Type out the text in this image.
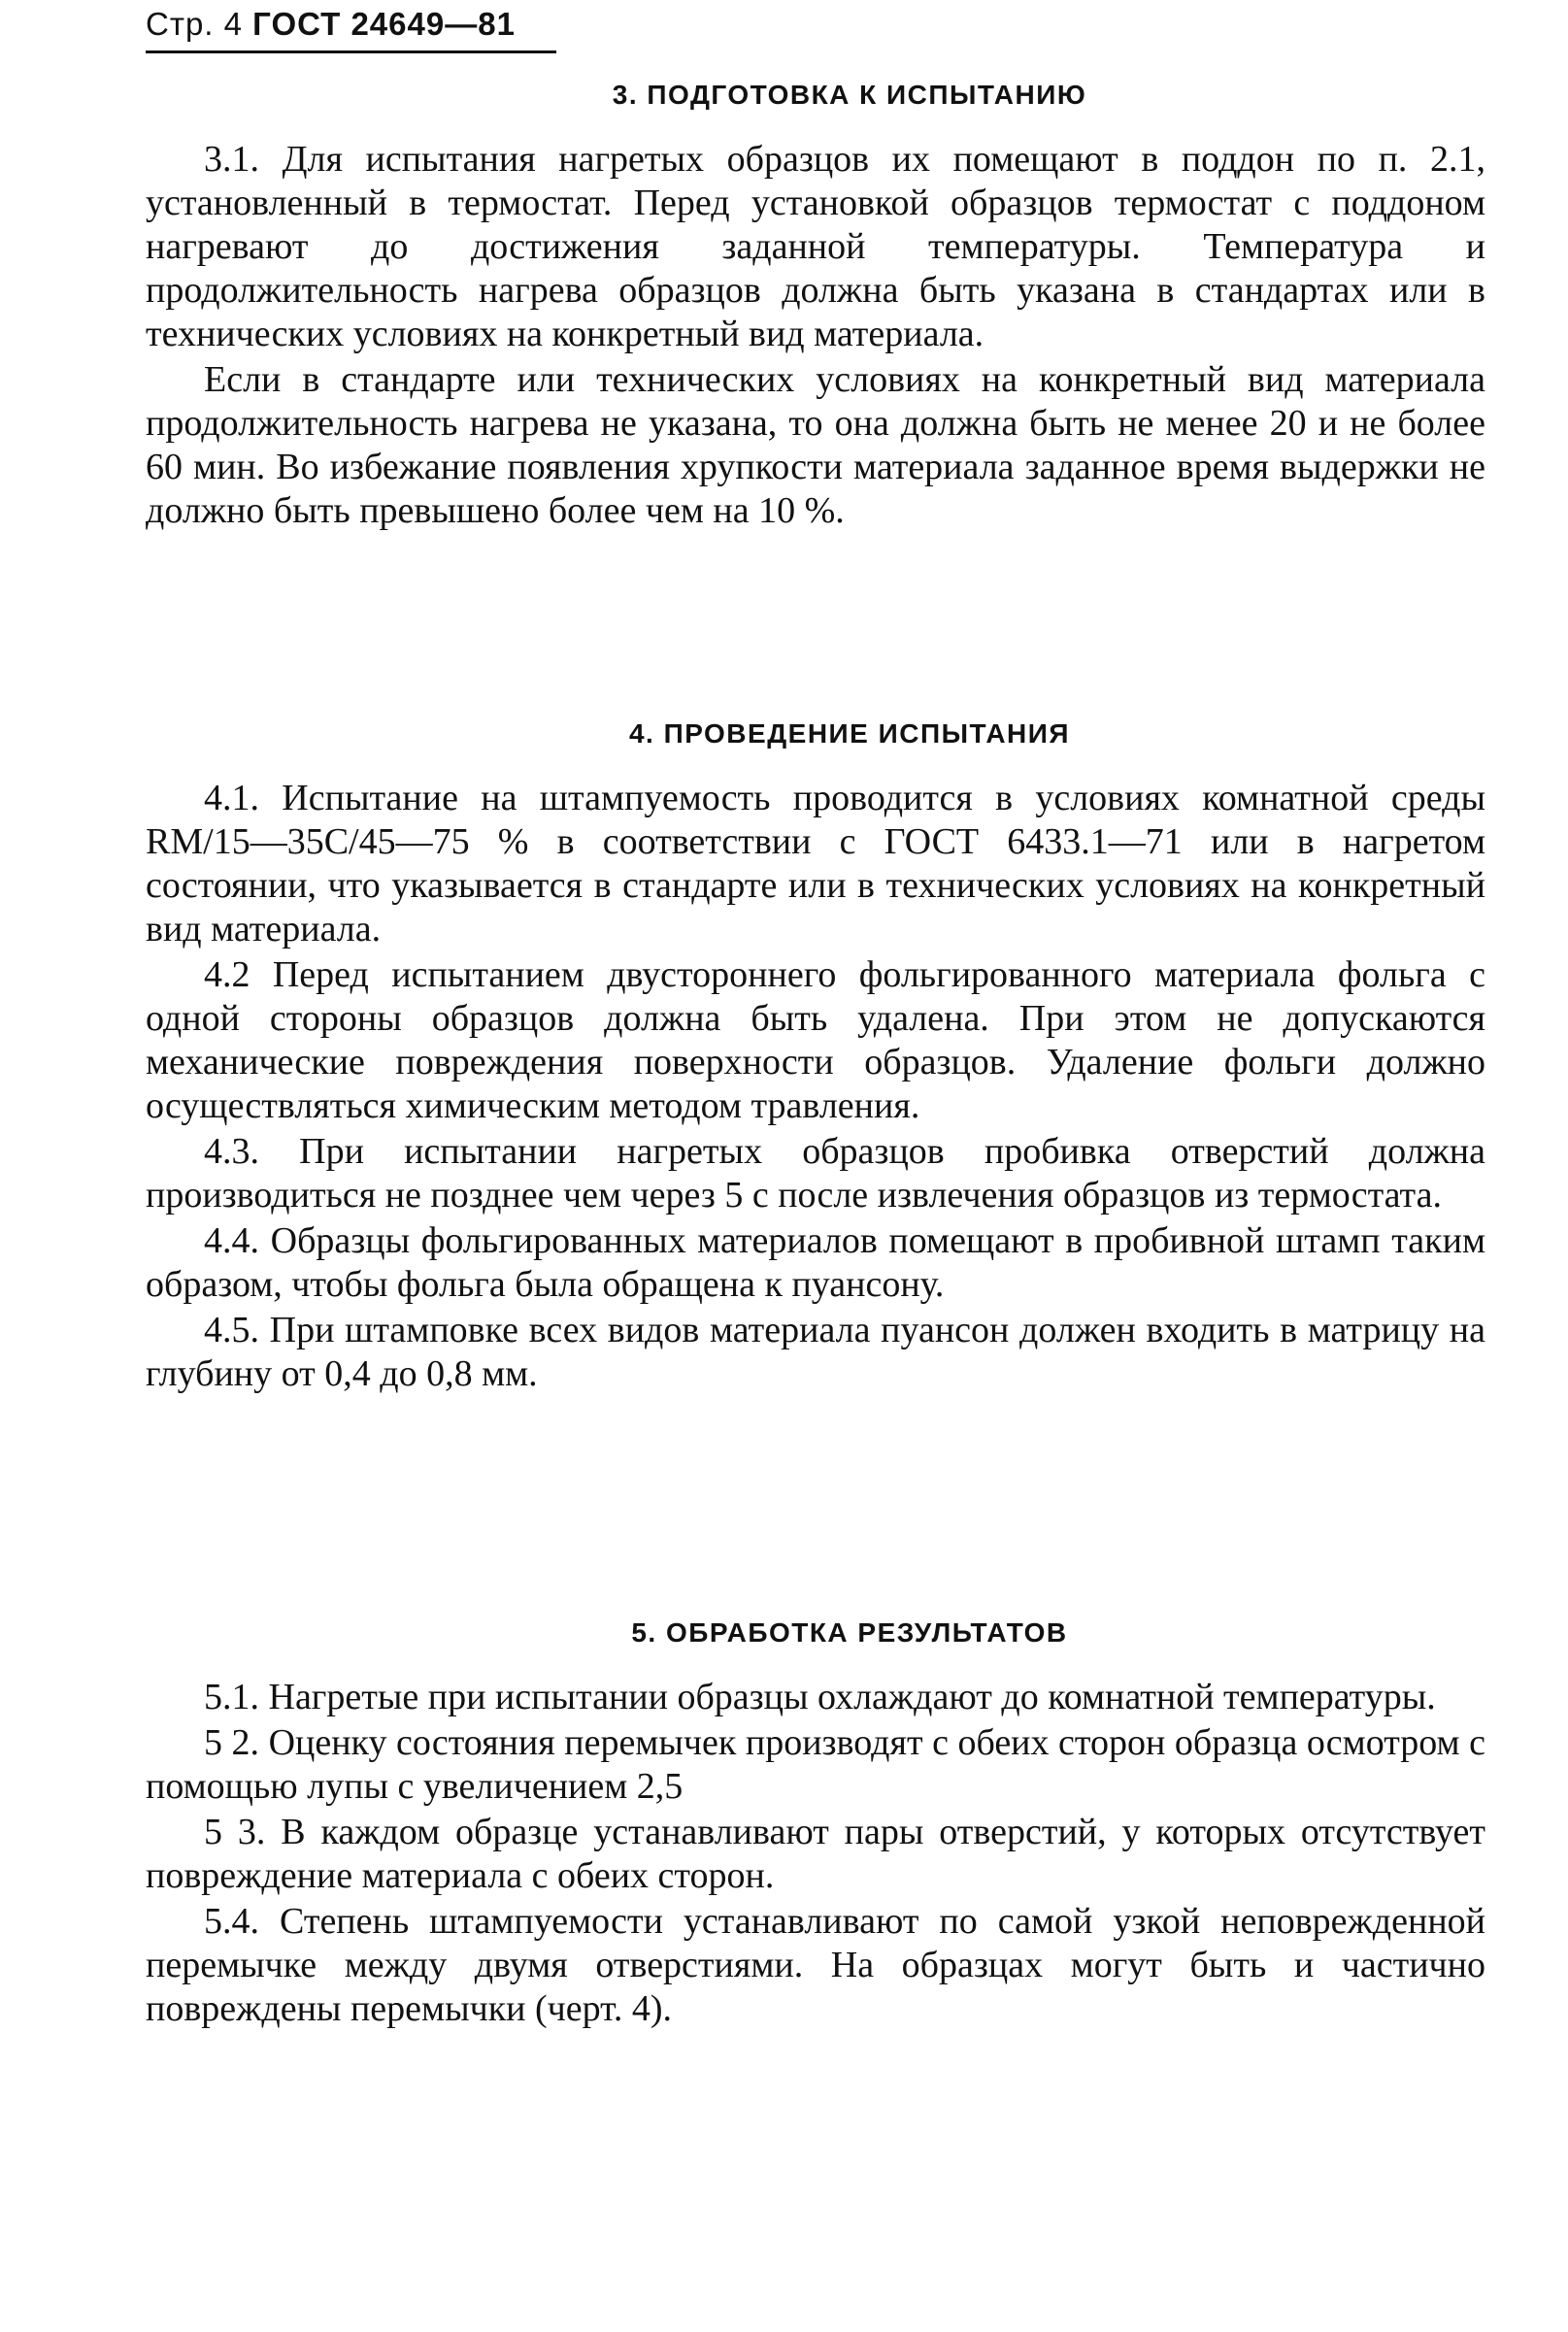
Стр. 4 ГОСТ 24649—81
3. ПОДГОТОВКА К ИСПЫТАНИЮ

3.1. Для испытания нагретых образцов их помещают в поддон по п. 2.1, установленный в термостат. Перед установкой образцов термостат с поддоном нагревают до достижения заданной температуры. Температура и продолжительность нагрева образцов должна быть указана в стандартах или в технических условиях на конкретный вид материала.

Если в стандарте или технических условиях на конкретный вид материала продолжительность нагрева не указана, то она должна быть не менее 20 и не более 60 мин. Во избежание появления хрупкости материала заданное время выдержки не должно быть превышено более чем на 10 %.

4. ПРОВЕДЕНИЕ ИСПЫТАНИЯ

4.1. Испытание на штампуемость проводится в условиях комнатной среды RM/15—35C/45—75 % в соответствии с ГОСТ 6433.1—71 или в нагретом состоянии, что указывается в стандарте или в технических условиях на конкретный вид материала.

4.2 Перед испытанием двустороннего фольгированного материала фольга с одной стороны образцов должна быть удалена. При этом не допускаются механические повреждения поверхности образцов. Удаление фольги должно осуществляться химическим методом травления.

4.3. При испытании нагретых образцов пробивка отверстий должна производиться не позднее чем через 5 с после извлечения образцов из термостата.

4.4. Образцы фольгированных материалов помещают в пробивной штамп таким образом, чтобы фольга была обращена к пуансону.

4.5. При штамповке всех видов материала пуансон должен входить в матрицу на глубину от 0,4 до 0,8 мм.

5. ОБРАБОТКА РЕЗУЛЬТАТОВ

5.1. Нагретые при испытании образцы охлаждают до комнатной температуры.

5 2. Оценку состояния перемычек производят с обеих сторон образца осмотром с помощью лупы с увеличением 2,5

5 3. В каждом образце устанавливают пары отверстий, у которых отсутствует повреждение материала с обеих сторон.

5.4. Степень штампуемости устанавливают по самой узкой неповрежденной перемычке между двумя отверстиями. На образцах могут быть и частично повреждены перемычки (черт. 4).
